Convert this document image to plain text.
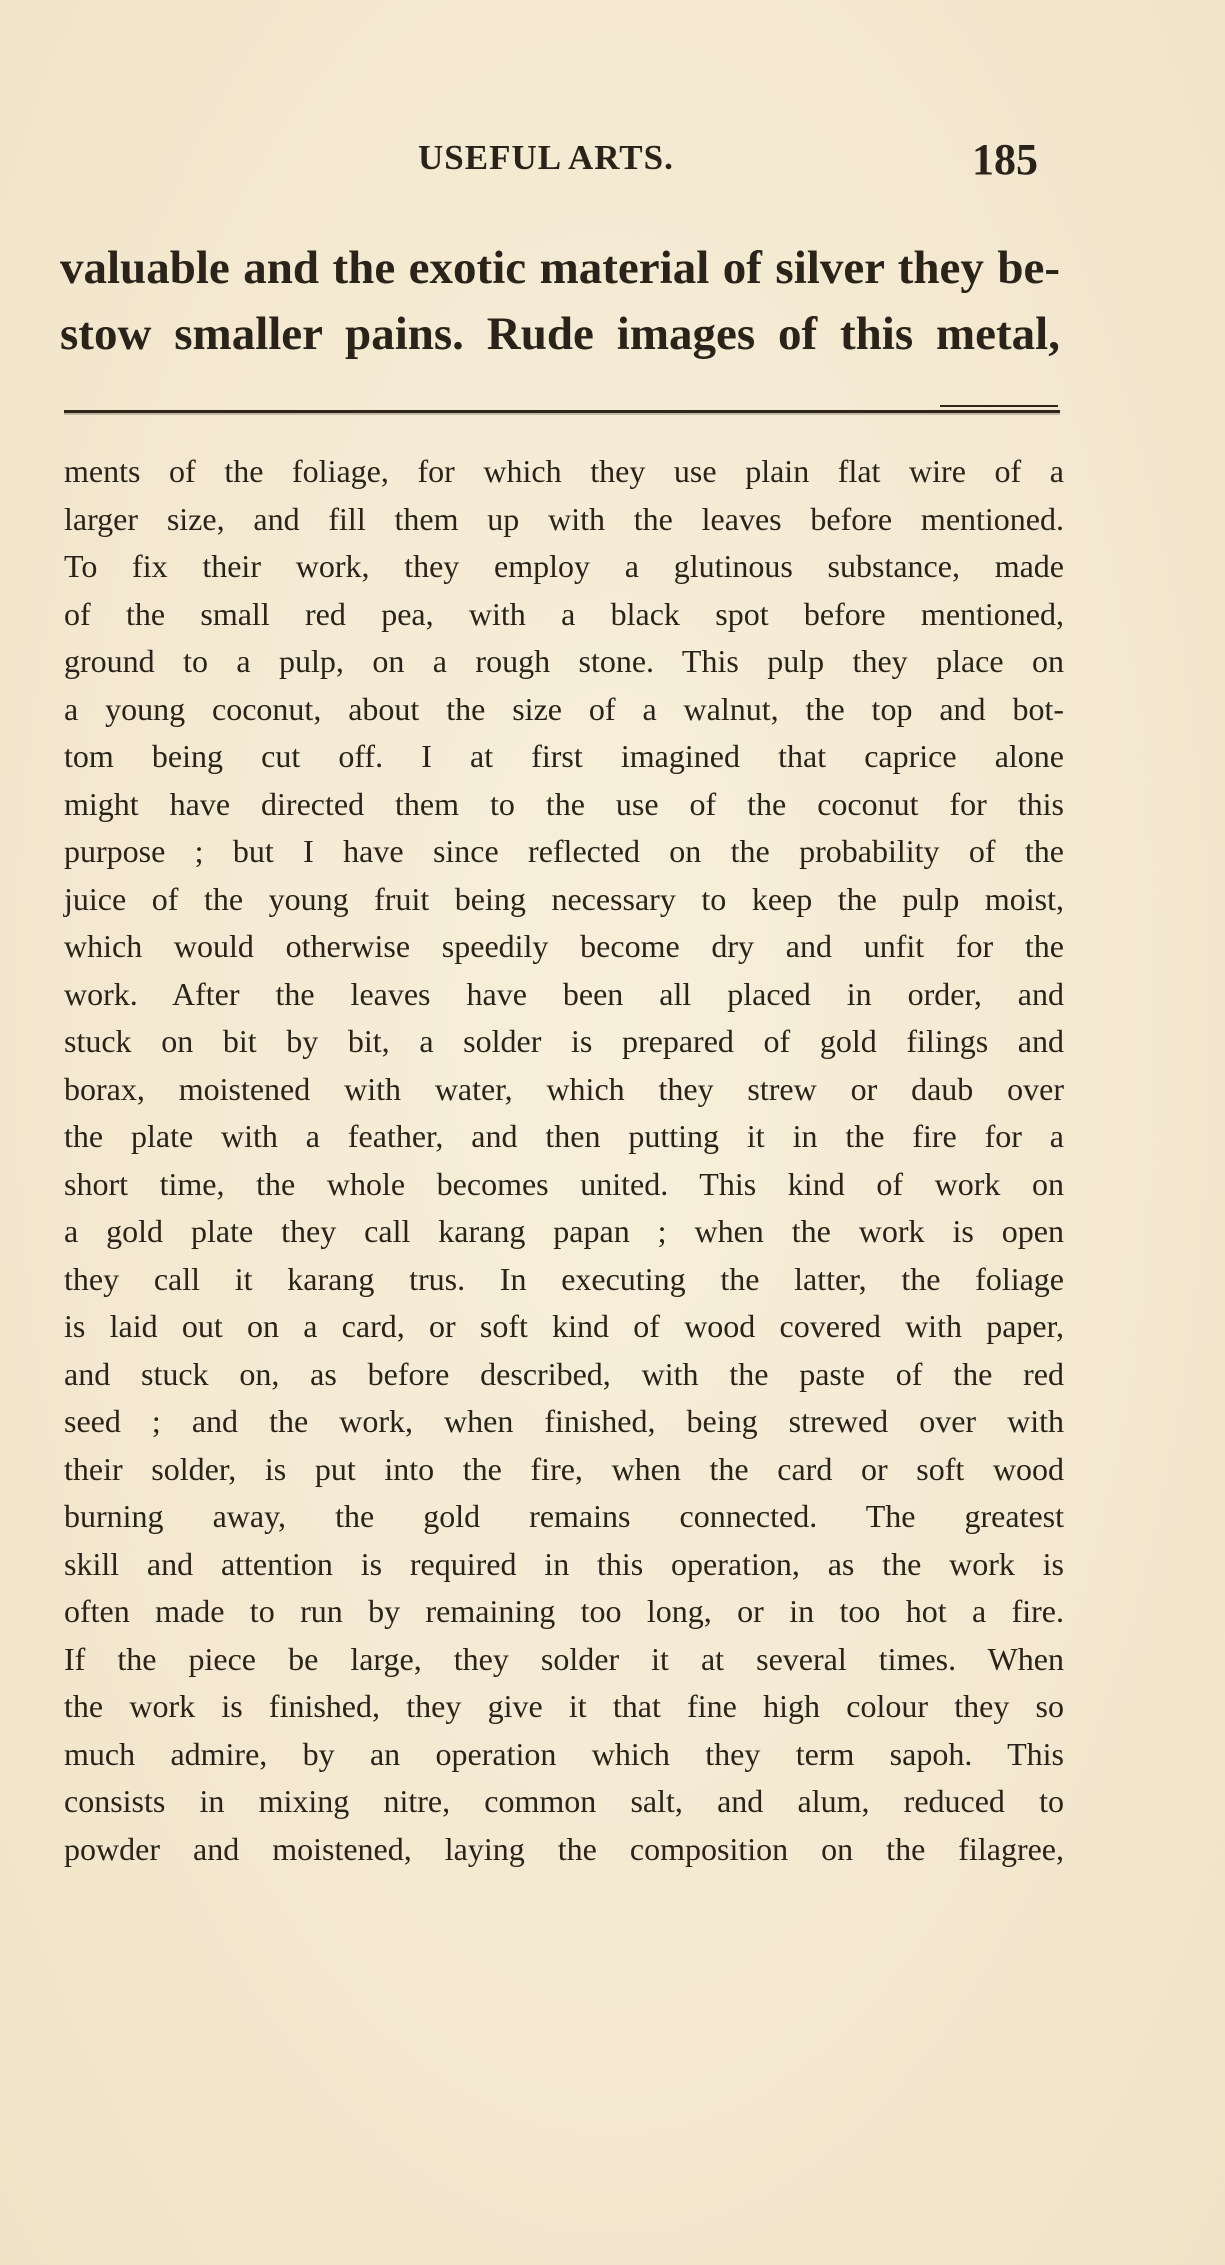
USEFUL ARTS.	185
valuable and the exotic material of silver they be-
stow smaller pains. Rude images of this metal,
ments of the foliage, for which they use plain flat wire of a
larger size, and fill them up with the leaves before mentioned.
To fix their work, they employ a glutinous substance, made
of the small red pea, with a black spot before mentioned,
ground to a pulp, on a rough stone. This pulp they place on
a young coconut, about the size of a walnut, the top and bot-
tom being cut off. I at first imagined that caprice alone
might have directed them to the use of the coconut for this
purpose ; but I have since reflected on the probability of the
juice of the young fruit being necessary to keep the pulp moist,
which would otherwise speedily become dry and unfit for the
work. After the leaves have been all placed in order, and
stuck on bit by bit, a solder is prepared of gold filings and
borax, moistened with water, which they strew or daub over
the plate with a feather, and then putting it in the fire for a
short time, the whole becomes united. This kind of work on
a gold plate they call karang papan ; when the work is open
they call it karang trus. In executing the latter, the foliage
is laid out on a card, or soft kind of wood covered with paper,
and stuck on, as before described, with the paste of the red
seed ; and the work, when finished, being strewed over with
their solder, is put into the fire, when the card or soft wood
burning away, the gold remains connected. The greatest
skill and attention is required in this operation, as the work is
often made to run by remaining too long, or in too hot a fire.
If the piece be large, they solder it at several times. When
the work is finished, they give it that fine high colour they so
much admire, by an operation which they term sapoh. This
consists in mixing nitre, common salt, and alum, reduced to
powder and moistened, laying the composition on the filagree,
